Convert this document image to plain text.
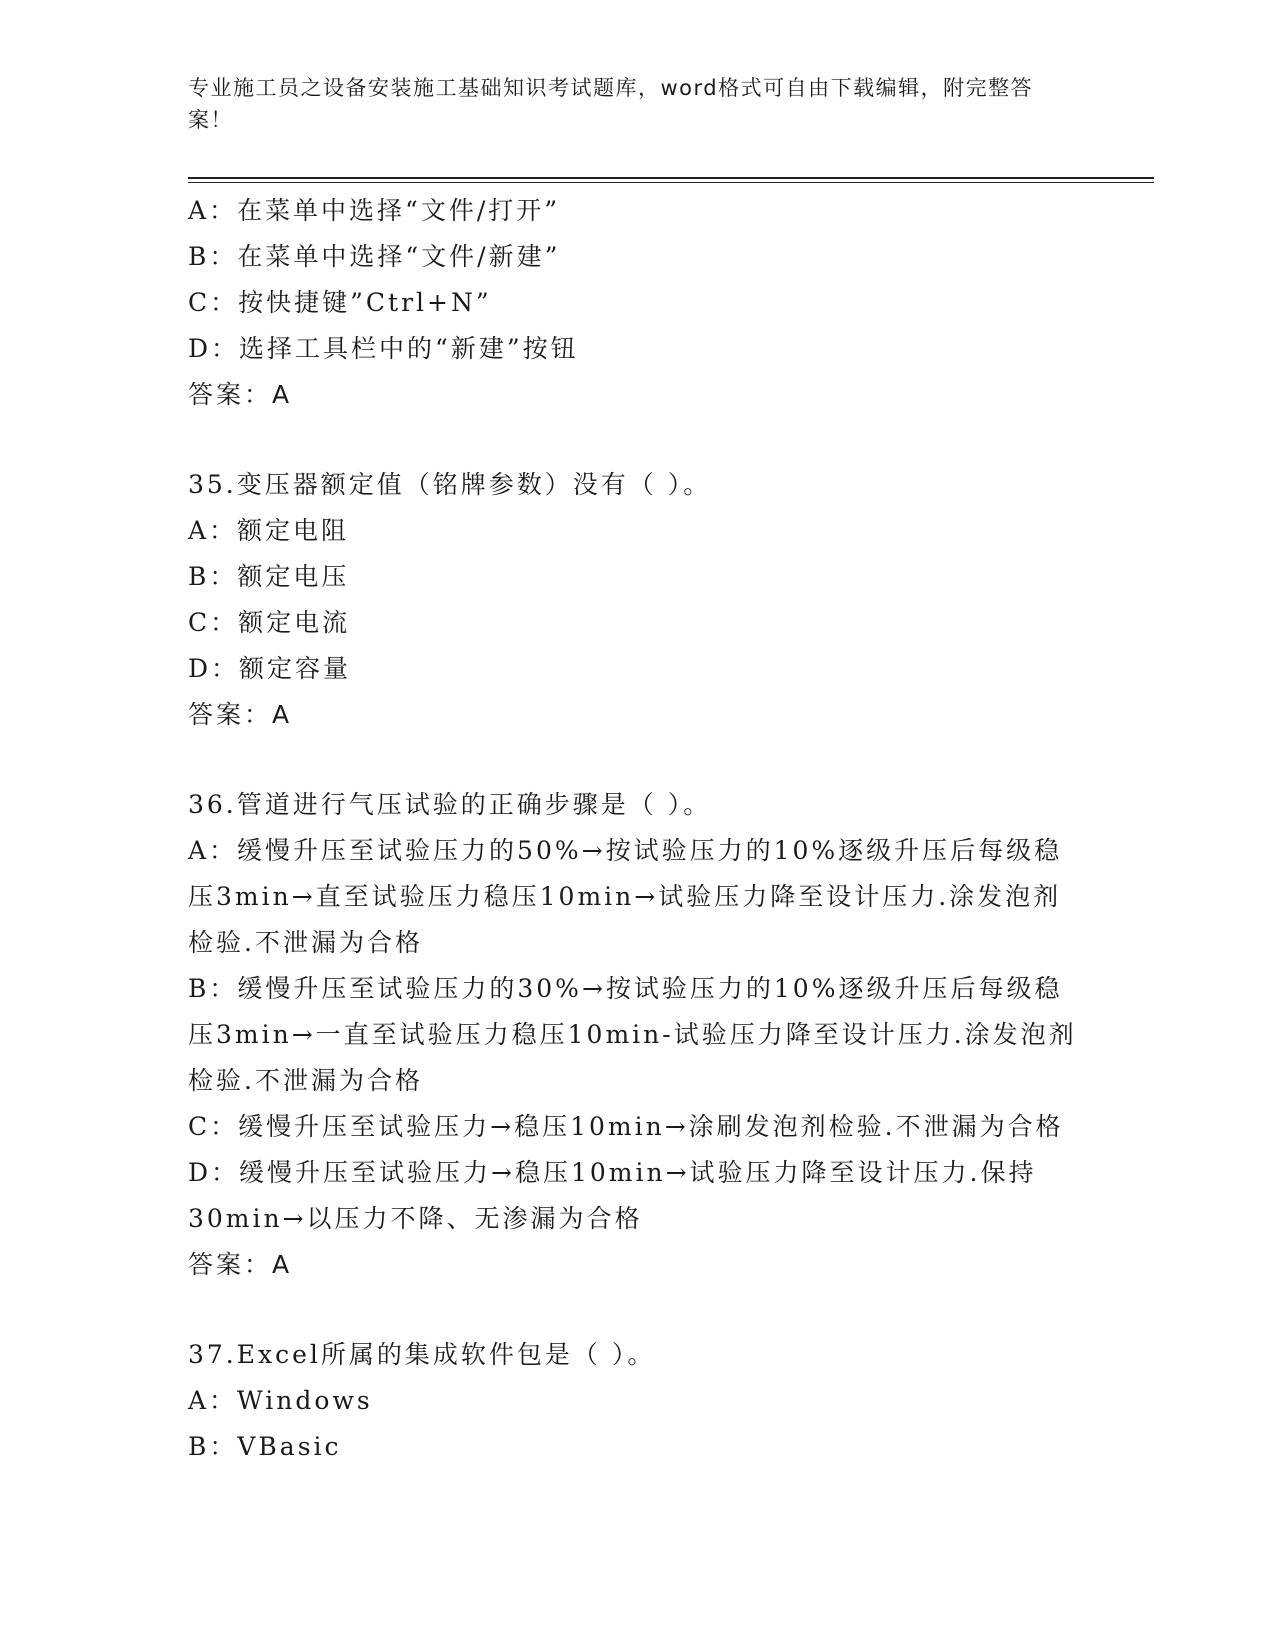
专业施工员之设备安装施工基础知识考试题库，word格式可自由下载编辑，附完整答案！
A：在菜单中选择“文件/打开”
B：在菜单中选择“文件/新建”
C：按快捷键”Ctrl+N”
D：选择工具栏中的“新建”按钮
答案：A
35.变压器额定值（铭牌参数）没有（ ）。
A：额定电阻
B：额定电压
C：额定电流
D：额定容量
答案：A
36.管道进行气压试验的正确步骤是（ ）。
A：缓慢升压至试验压力的50%→按试验压力的10%逐级升压后每级稳压3min→直至试验压力稳压10min→试验压力降至设计压力.涂发泡剂检验.不泄漏为合格
B：缓慢升压至试验压力的30%→按试验压力的10%逐级升压后每级稳压3min→一直至试验压力稳压10min-试验压力降至设计压力.涂发泡剂检验.不泄漏为合格
C：缓慢升压至试验压力→稳压10min→涂刷发泡剂检验.不泄漏为合格
D：缓慢升压至试验压力→稳压10min→试验压力降至设计压力.保持30min→以压力不降、无渗漏为合格
答案：A
37.Excel所属的集成软件包是（ ）。
A：Windows
B：VBasic
